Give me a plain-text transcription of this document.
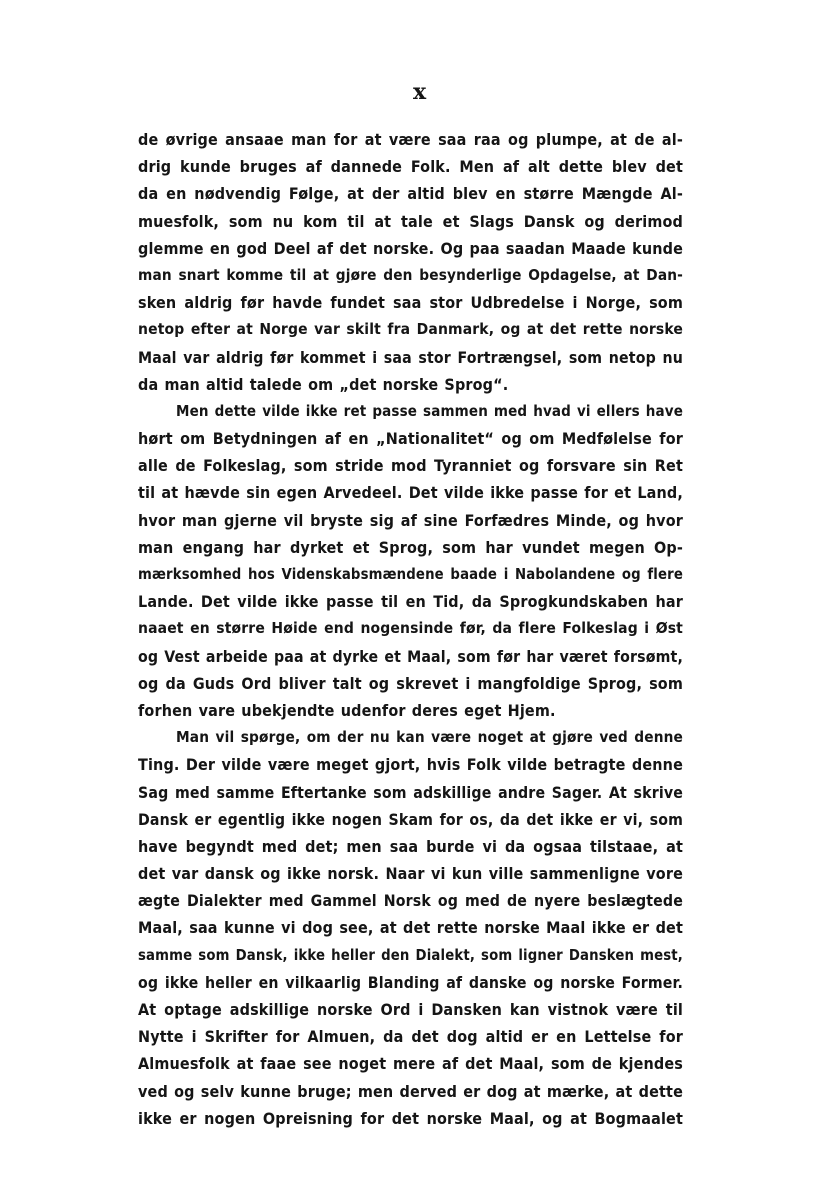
x
de øvrige ansaae man for at være saa raa og plumpe, at de al-
drig kunde bruges af dannede Folk. Men af alt dette blev det
da en nødvendig Følge, at der altid blev en større Mængde Al-
muesfolk, som nu kom til at tale et Slags Dansk og derimod
glemme en god Deel af det norske. Og paa saadan Maade kunde
man snart komme til at gjøre den besynderlige Opdagelse, at Dan-
sken aldrig før havde fundet saa stor Udbredelse i Norge, som
netop efter at Norge var skilt fra Danmark, og at det rette norske
Maal var aldrig før kommet i saa stor Fortrængsel, som netop nu
da man altid talede om „det norske Sprog“.
Men dette vilde ikke ret passe sammen med hvad vi ellers have
hørt om Betydningen af en „Nationalitet“ og om Medfølelse for
alle de Folkeslag, som stride mod Tyranniet og forsvare sin Ret
til at hævde sin egen Arvedeel. Det vilde ikke passe for et Land,
hvor man gjerne vil bryste sig af sine Forfædres Minde, og hvor
man engang har dyrket et Sprog, som har vundet megen Op-
mærksomhed hos Videnskabsmændene baade i Nabolandene og flere
Lande. Det vilde ikke passe til en Tid, da Sprogkundskaben har
naaet en større Høide end nogensinde før, da flere Folkeslag i Øst
og Vest arbeide paa at dyrke et Maal, som før har været forsømt,
og da Guds Ord bliver talt og skrevet i mangfoldige Sprog, som
forhen vare ubekjendte udenfor deres eget Hjem.
Man vil spørge, om der nu kan være noget at gjøre ved denne
Ting. Der vilde være meget gjort, hvis Folk vilde betragte denne
Sag med samme Eftertanke som adskillige andre Sager. At skrive
Dansk er egentlig ikke nogen Skam for os, da det ikke er vi, som
have begyndt med det; men saa burde vi da ogsaa tilstaae, at
det var dansk og ikke norsk. Naar vi kun ville sammenligne vore
ægte Dialekter med Gammel Norsk og med de nyere beslægtede
Maal, saa kunne vi dog see, at det rette norske Maal ikke er det
samme som Dansk, ikke heller den Dialekt, som ligner Dansken mest,
og ikke heller en vilkaarlig Blanding af danske og norske Former.
At optage adskillige norske Ord i Dansken kan vistnok være til
Nytte i Skrifter for Almuen, da det dog altid er en Lettelse for
Almuesfolk at faae see noget mere af det Maal, som de kjendes
ved og selv kunne bruge; men derved er dog at mærke, at dette
ikke er nogen Opreisning for det norske Maal, og at Bogmaalet
